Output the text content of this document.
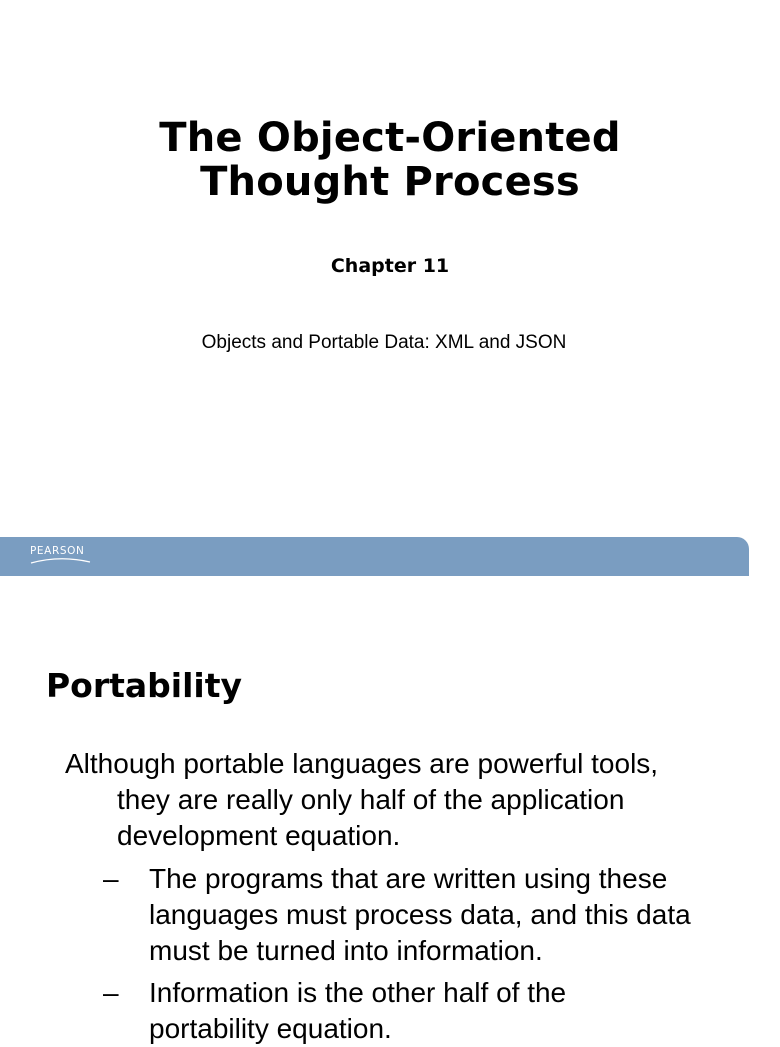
The Object-Oriented
Thought Process
Chapter 11
Objects and Portable Data: XML and JSON
PEARSON
Portability

Although portable languages are powerful tools,
they are really only half of the application
development equation.

– The programs that are written using these
languages must process data, and this data
must be turned into information.
– Information is the other half of the
portability equation.
